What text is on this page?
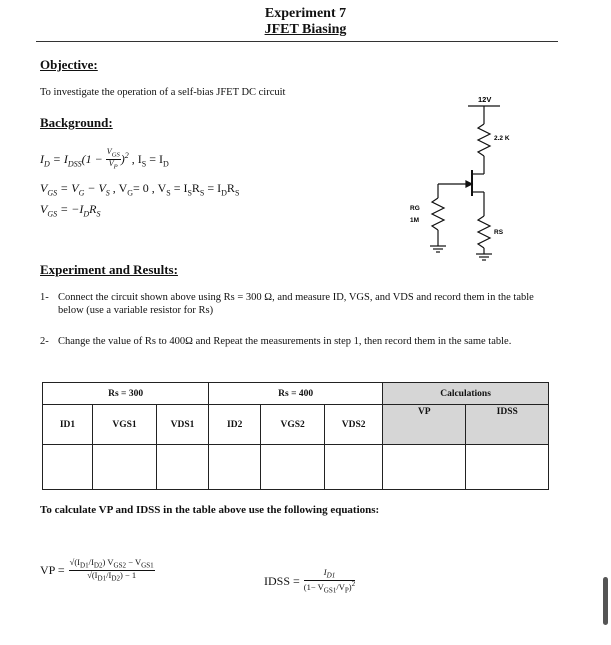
Experiment 7
JFET Biasing
Objective:
To investigate the operation of a self-bias JFET DC circuit
Background:
$I_D = I_{DSS}(1 - \frac{V_{GS}}{V_P} )^2$ , $I_S = I_D$
$V_{GS} = V_G - V_S$ , $V_G= 0$ , $V_S = I_SR_S = I_DR_S$
$V_{GS} = -I_DR_S$
12V
2.2 K
RG
1M
RS
Experiment and Results:
1- Connect the circuit shown above using Rs = 300 Ω, and measure ID, VGS, and VDS and record them in the table below (use a variable resistor for Rs)
2- Change the value of Rs to 400Ω and Repeat the measurements in step 1, then record them in the same table.
Rs = 300			Rs = 400			Calculations	
ID1	VGS1	VDS1	ID2	VGS2	VDS2	VP	IDSS

To calculate VP and IDSS in the table above use the following equations:
VP = $\frac{√(I_{D1}/I_{D2}) V_{GS2} - V_{GS1}}{√(I_{D1}/I_{D2}) - 1}$	IDSS = $\frac{I_{D1}}{(1- V_{GS1}/V_P)^2}$
